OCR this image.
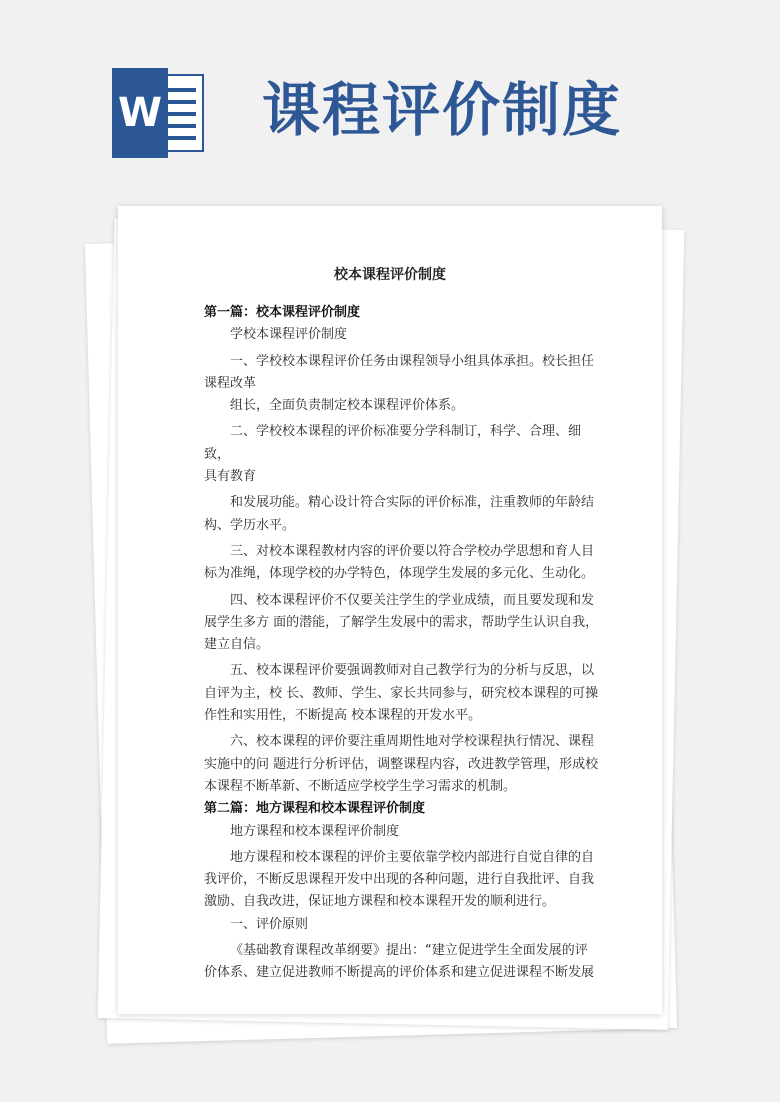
W 课程评价制度
校本课程评价制度

第一篇：校本课程评价制度

学校本课程评价制度

一、学校校本课程评价任务由课程领导小组具体承担。校长担任

课程改革

组长，全面负责制定校本课程评价体系。

二、学校校本课程的评价标准要分学科制订，科学、合理、细致，

具有教育

和发展功能。精心设计符合实际的评价标准，注重教师的年龄结

构、学历水平。

三、对校本课程教材内容的评价要以符合学校办学思想和育人目

标为准绳，体现学校的办学特色，体现学生发展的多元化、生动化。

四、校本课程评价不仅要关注学生的学业成绩，而且要发现和发

展学生多方 面的潜能，了解学生发展中的需求，帮助学生认识自我，

建立自信。

五、校本课程评价要强调教师对自己教学行为的分析与反思，以

自评为主，校 长、教师、学生、家长共同参与，研究校本课程的可操

作性和实用性，不断提高 校本课程的开发水平。

六、校本课程的评价要注重周期性地对学校课程执行情况、课程

实施中的问 题进行分析评估，调整课程内容，改进教学管理，形成校

本课程不断革新、不断适应学校学生学习需求的机制。

第二篇：地方课程和校本课程评价制度

地方课程和校本课程评价制度

地方课程和校本课程的评价主要依靠学校内部进行自觉自律的自

我评价，不断反思课程开发中出现的各种问题，进行自我批评、自我

激励、自我改进，保证地方课程和校本课程开发的顺利进行。

一、评价原则

《基础教育课程改革纲要》提出：“建立促进学生全面发展的评

价体系、建立促进教师不断提高的评价体系和建立促进课程不断发展
